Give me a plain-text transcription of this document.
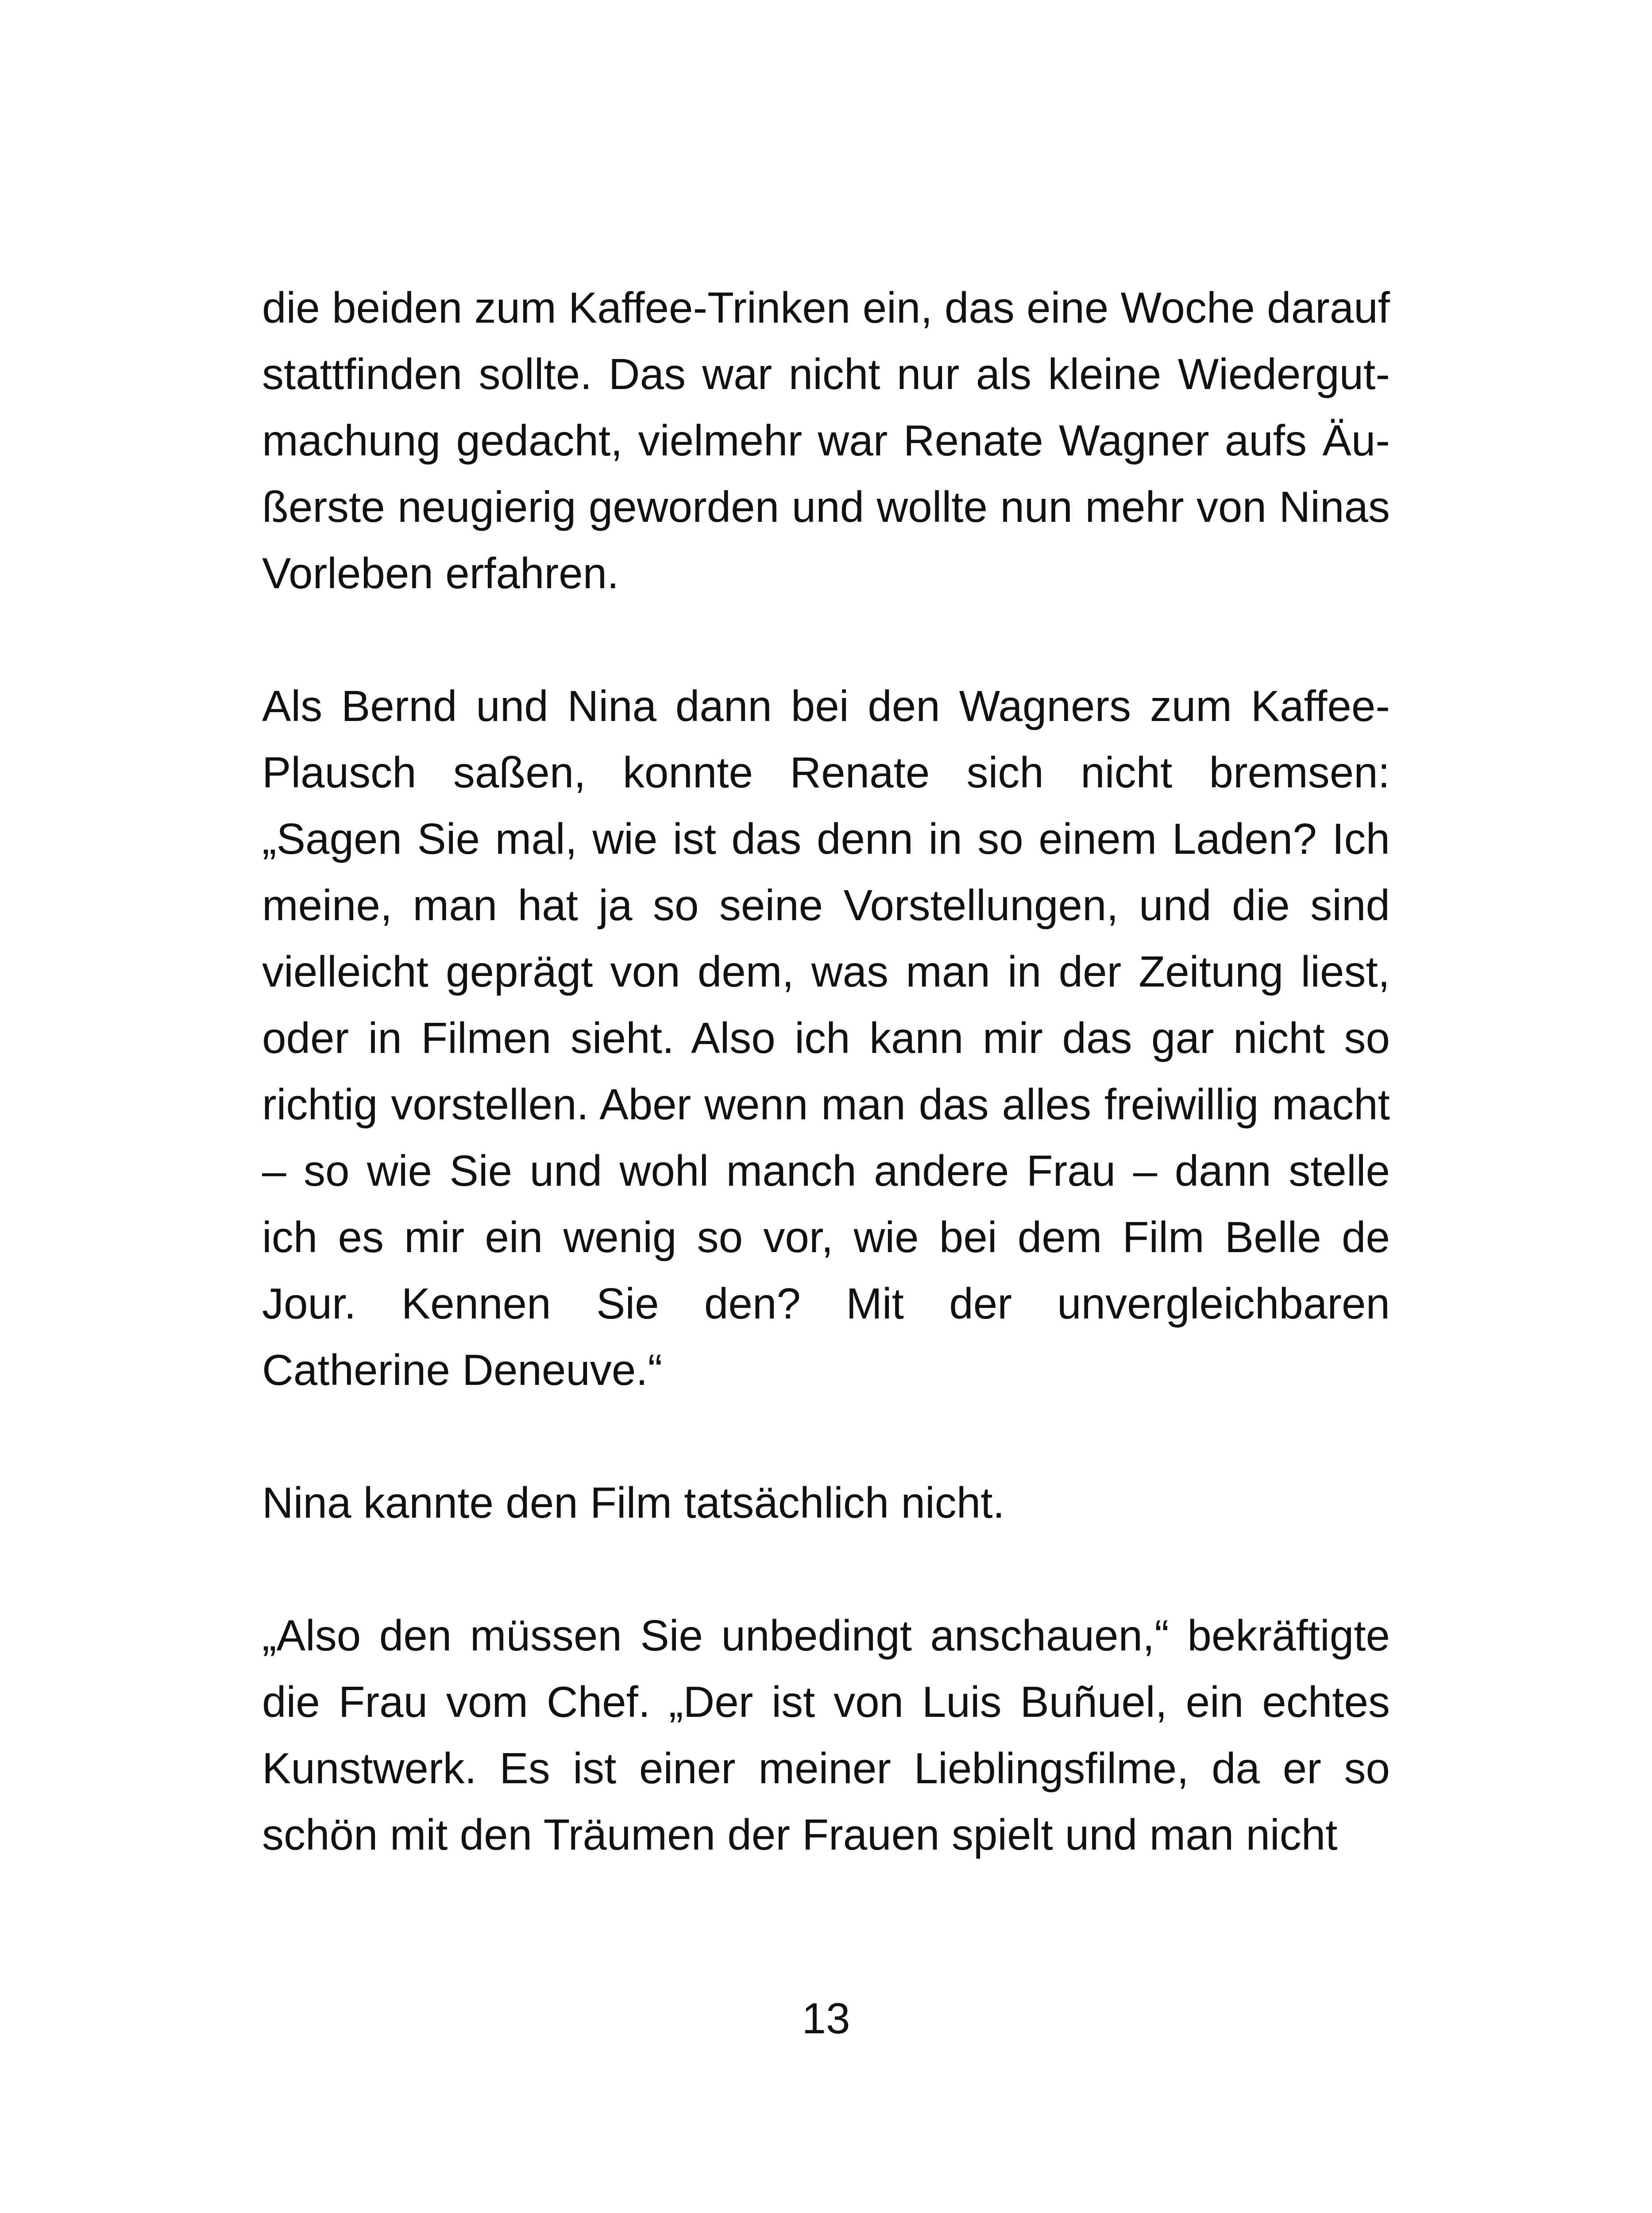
die beiden zum Kaffee-Trinken ein, das eine Woche darauf stattfinden sollte. Das war nicht nur als kleine Wiedergut-machung gedacht, vielmehr war Renate Wagner aufs Äu-ßerste neugierig geworden und wollte nun mehr von Ninas Vorleben erfahren.

Als Bernd und Nina dann bei den Wagners zum Kaffee-Plausch saßen, konnte Renate sich nicht bremsen: „Sagen Sie mal, wie ist das denn in so einem Laden? Ich meine, man hat ja so seine Vorstellungen, und die sind vielleicht geprägt von dem, was man in der Zeitung liest, oder in Filmen sieht. Also ich kann mir das gar nicht so richtig vorstellen. Aber wenn man das alles freiwillig macht – so wie Sie und wohl manch andere Frau – dann stelle ich es mir ein wenig so vor, wie bei dem Film Belle de Jour. Kennen Sie den? Mit der unvergleichbaren Catherine Deneuve.“

Nina kannte den Film tatsächlich nicht.

„Also den müssen Sie unbedingt anschauen,“ bekräftigte die Frau vom Chef. „Der ist von Luis Buñuel, ein echtes Kunstwerk. Es ist einer meiner Lieblingsfilme, da er so schön mit den Träumen der Frauen spielt und man nicht

13
